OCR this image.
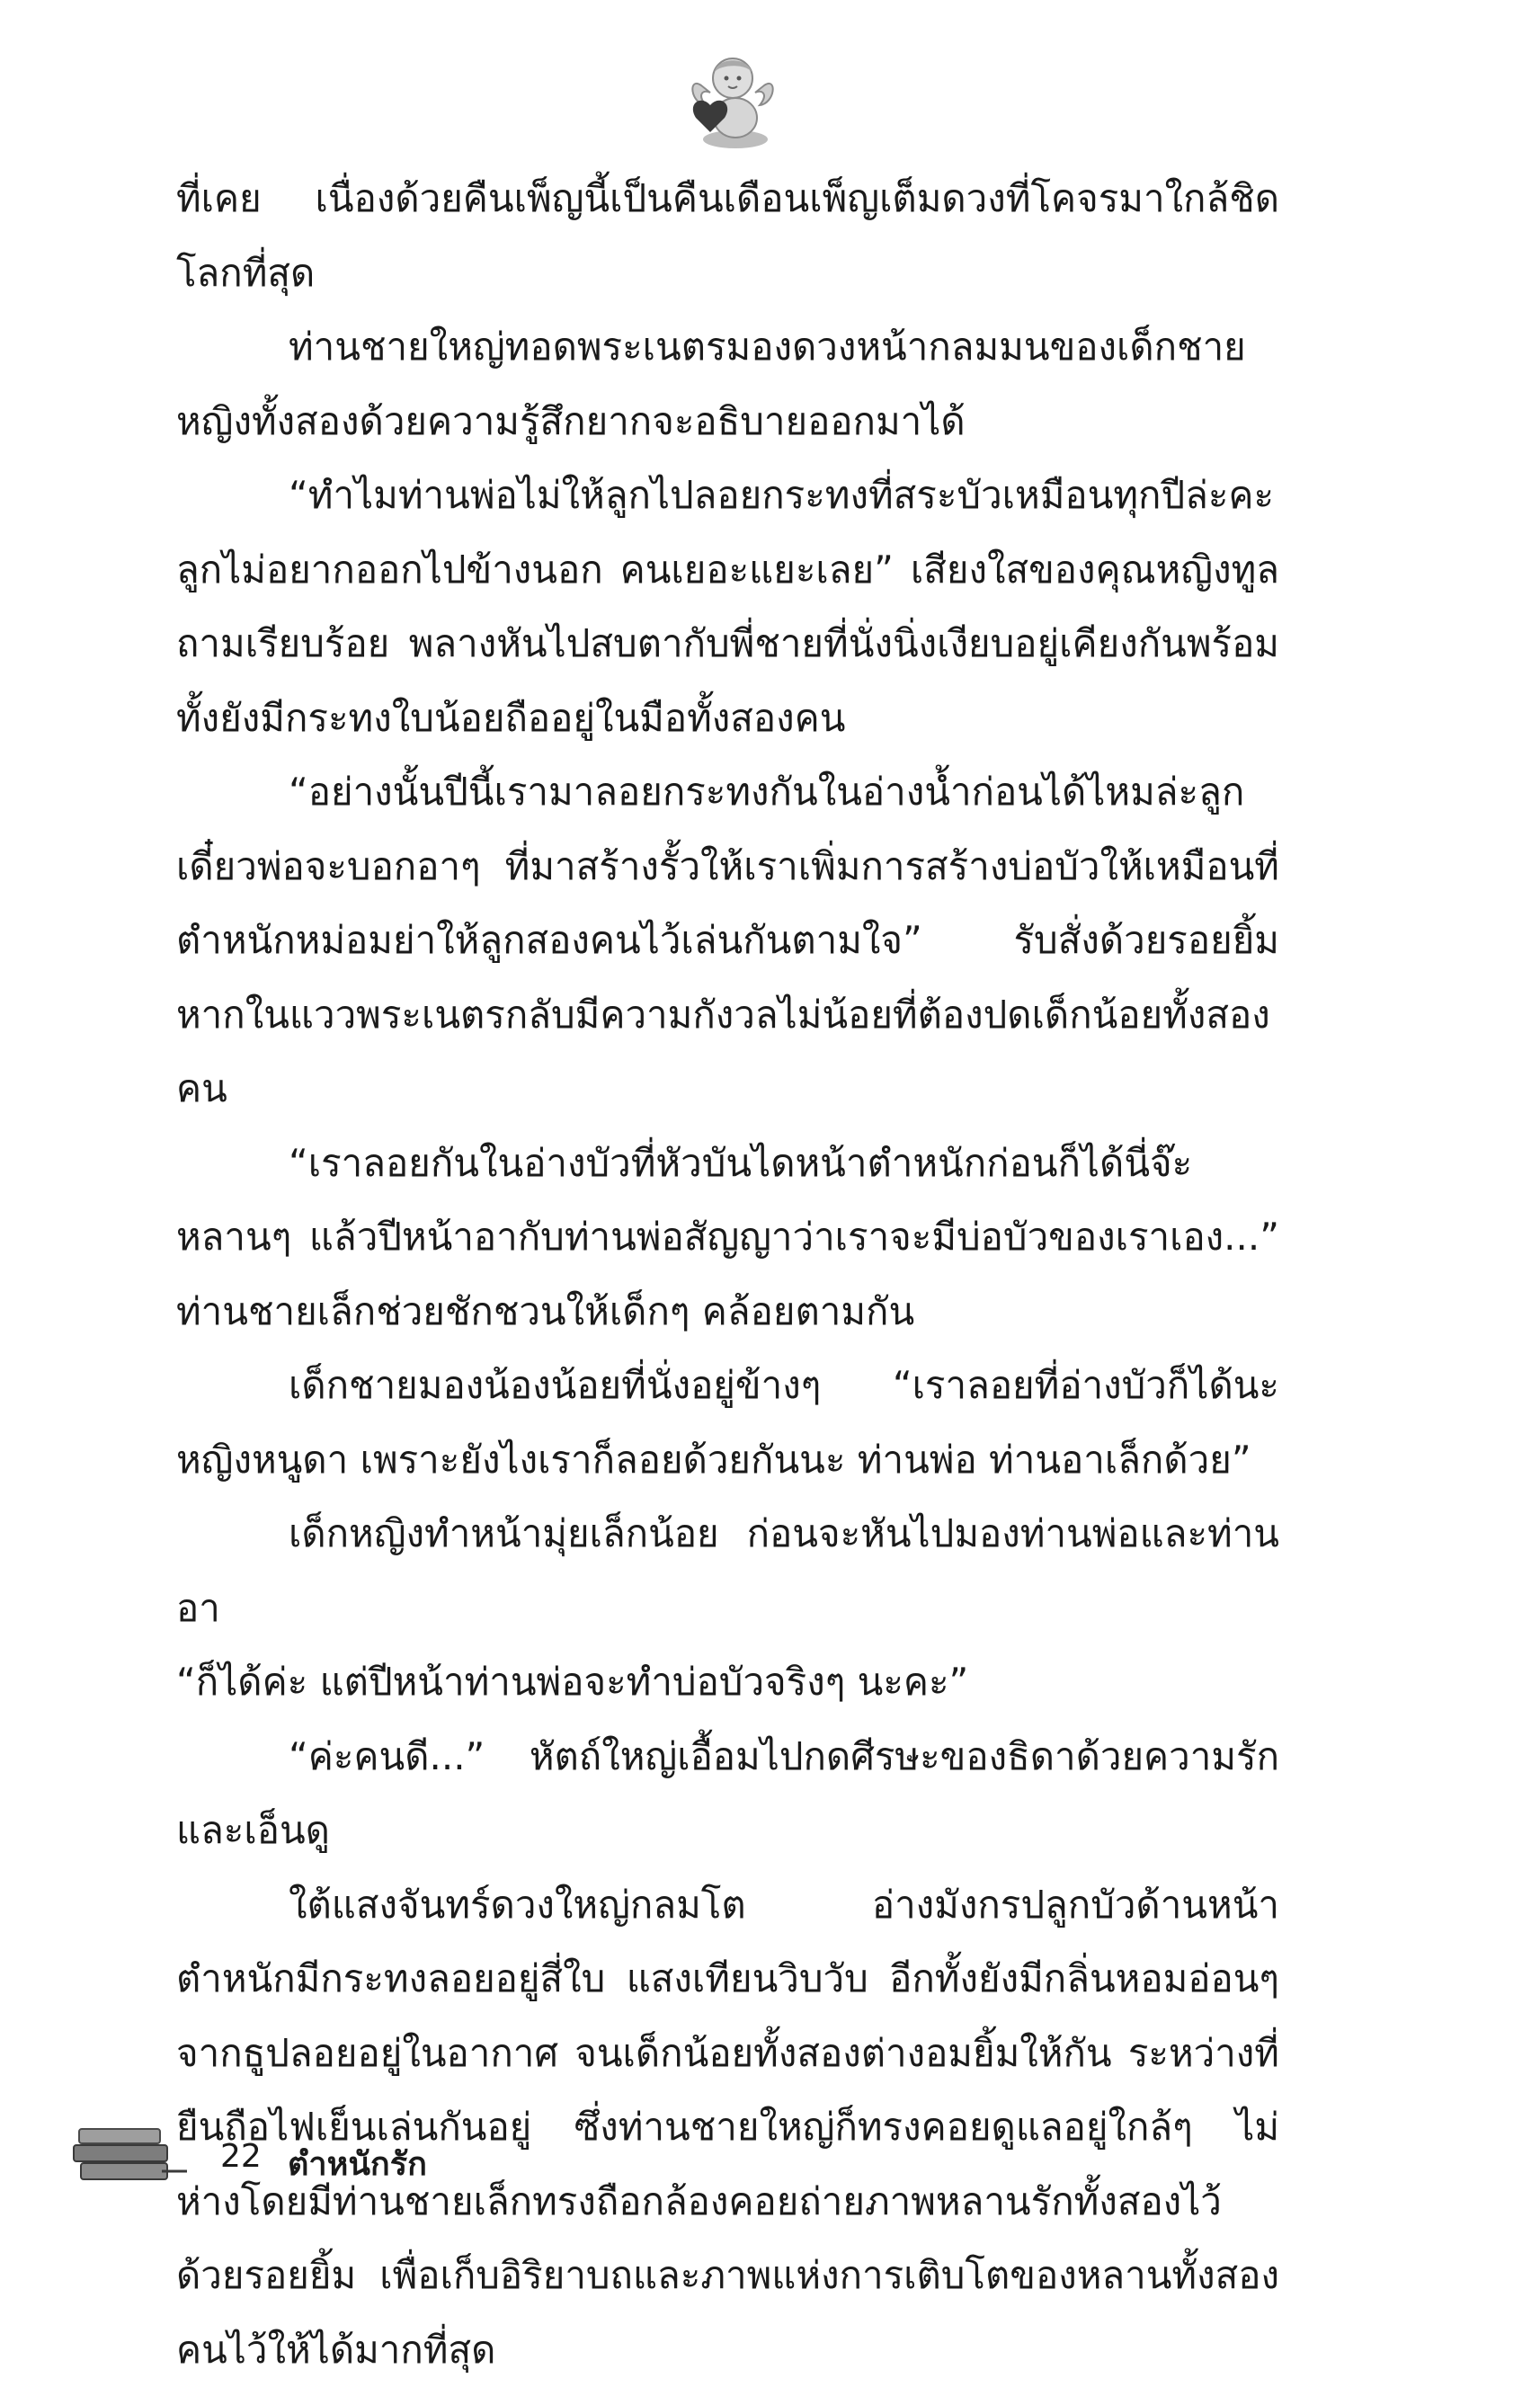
ที่เคย เนื่องด้วยคืนเพ็ญนี้เป็นคืนเดือนเพ็ญเต็มดวงที่โคจรมาใกล้ชิดโลกที่สุด

ท่านชายใหญ่ทอดพระเนตรมองดวงหน้ากลมมนของเด็กชายหญิงทั้งสองด้วยความรู้สึกยากจะอธิบายออกมาได้

“ทำไมท่านพ่อไม่ให้ลูกไปลอยกระทงที่สระบัวเหมือนทุกปีล่ะคะ ลูกไม่อยากออกไปข้างนอก คนเยอะแยะเลย” เสียงใสของคุณหญิงทูลถามเรียบร้อย พลางหันไปสบตากับพี่ชายที่นั่งนิ่งเงียบอยู่เคียงกันพร้อมทั้งยังมีกระทงใบน้อยถืออยู่ในมือทั้งสองคน

“อย่างนั้นปีนี้เรามาลอยกระทงกันในอ่างน้ำก่อนได้ไหมล่ะลูก เดี๋ยวพ่อจะบอกอาๆ ที่มาสร้างรั้วให้เราเพิ่มการสร้างบ่อบัวให้เหมือนที่ตำหนักหม่อมย่าให้ลูกสองคนไว้เล่นกันตามใจ” รับสั่งด้วยรอยยิ้ม หากในแววพระเนตรกลับมีความกังวลไม่น้อยที่ต้องปดเด็กน้อยทั้งสองคน

“เราลอยกันในอ่างบัวที่หัวบันไดหน้าตำหนักก่อนก็ได้นี่จ๊ะหลานๆ แล้วปีหน้าอากับท่านพ่อสัญญาว่าเราจะมีบ่อบัวของเราเอง...” ท่านชายเล็กช่วยชักชวนให้เด็กๆ คล้อยตามกัน

เด็กชายมองน้องน้อยที่นั่งอยู่ข้างๆ “เราลอยที่อ่างบัวก็ได้นะหญิงหนูดา เพราะยังไงเราก็ลอยด้วยกันนะ ท่านพ่อ ท่านอาเล็กด้วย”

เด็กหญิงทำหน้ามุ่ยเล็กน้อย ก่อนจะหันไปมองท่านพ่อและท่านอา

“ก็ได้ค่ะ แต่ปีหน้าท่านพ่อจะทำบ่อบัวจริงๆ นะคะ”

“ค่ะคนดี...” หัตถ์ใหญ่เอื้อมไปกดศีรษะของธิดาด้วยความรักและเอ็นดู

ใต้แสงจันทร์ดวงใหญ่กลมโต อ่างมังกรปลูกบัวด้านหน้าตำหนักมีกระทงลอยอยู่สี่ใบ แสงเทียนวิบวับ อีกทั้งยังมีกลิ่นหอมอ่อนๆ จากธูปลอยอยู่ในอากาศ จนเด็กน้อยทั้งสองต่างอมยิ้มให้กัน ระหว่างที่ยืนถือไฟเย็นเล่นกันอยู่ ซึ่งท่านชายใหญ่ก็ทรงคอยดูแลอยู่ใกล้ๆ ไม่ห่างโดยมีท่านชายเล็กทรงถือกล้องคอยถ่ายภาพหลานรักทั้งสองไว้ด้วยรอยยิ้ม เพื่อเก็บอิริยาบถและภาพแห่งการเติบโตของหลานทั้งสองคนไว้ให้ได้มากที่สุด

22 ตำหนักรัก
